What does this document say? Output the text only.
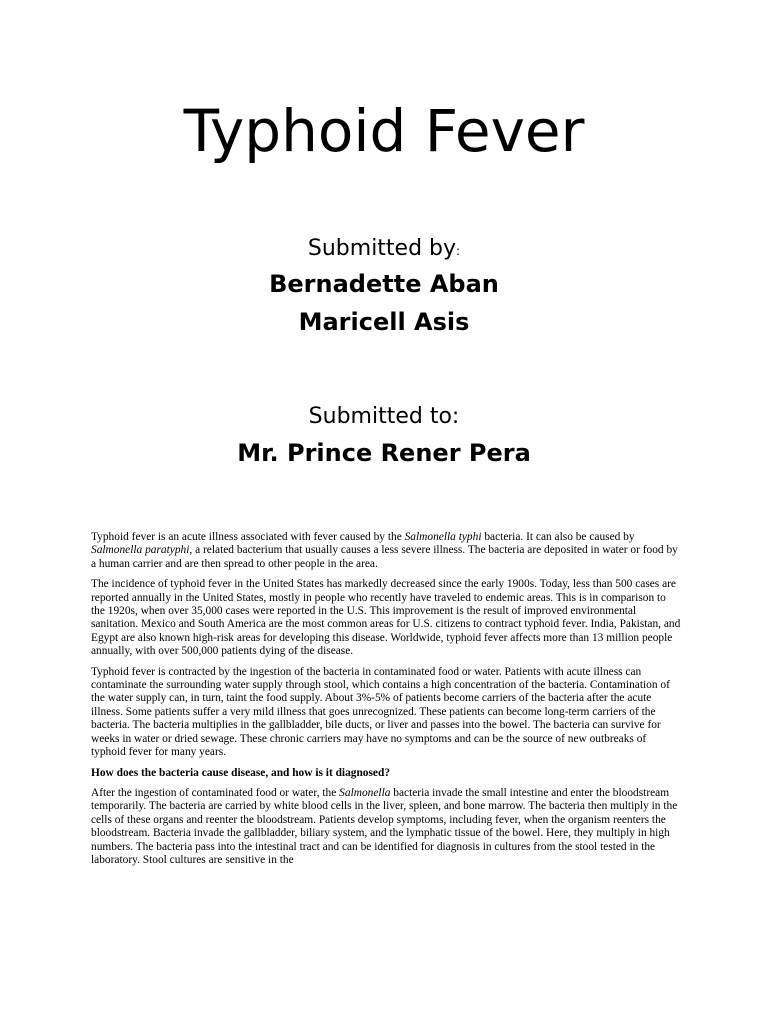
Typhoid Fever
Submitted by:
Bernadette Aban
Maricell Asis
Submitted to:
Mr. Prince Rener Pera

Typhoid fever is an acute illness associated with fever caused by the Salmonella typhi bacteria. It can also be caused by Salmonella paratyphi, a related bacterium that usually causes a less severe illness. The bacteria are deposited in water or food by a human carrier and are then spread to other people in the area.

The incidence of typhoid fever in the United States has markedly decreased since the early 1900s. Today, less than 500 cases are reported annually in the United States, mostly in people who recently have traveled to endemic areas. This is in comparison to the 1920s, when over 35,000 cases were reported in the U.S. This improvement is the result of improved environmental sanitation. Mexico and South America are the most common areas for U.S. citizens to contract typhoid fever. India, Pakistan, and Egypt are also known high-risk areas for developing this disease. Worldwide, typhoid fever affects more than 13 million people annually, with over 500,000 patients dying of the disease.

Typhoid fever is contracted by the ingestion of the bacteria in contaminated food or water. Patients with acute illness can contaminate the surrounding water supply through stool, which contains a high concentration of the bacteria. Contamination of the water supply can, in turn, taint the food supply. About 3%-5% of patients become carriers of the bacteria after the acute illness. Some patients suffer a very mild illness that goes unrecognized. These patients can become long-term carriers of the bacteria. The bacteria multiplies in the gallbladder, bile ducts, or liver and passes into the bowel. The bacteria can survive for weeks in water or dried sewage. These chronic carriers may have no symptoms and can be the source of new outbreaks of typhoid fever for many years.

How does the bacteria cause disease, and how is it diagnosed?

After the ingestion of contaminated food or water, the Salmonella bacteria invade the small intestine and enter the bloodstream temporarily. The bacteria are carried by white blood cells in the liver, spleen, and bone marrow. The bacteria then multiply in the cells of these organs and reenter the bloodstream. Patients develop symptoms, including fever, when the organism reenters the bloodstream. Bacteria invade the gallbladder, biliary system, and the lymphatic tissue of the bowel. Here, they multiply in high numbers. The bacteria pass into the intestinal tract and can be identified for diagnosis in cultures from the stool tested in the laboratory. Stool cultures are sensitive in the
